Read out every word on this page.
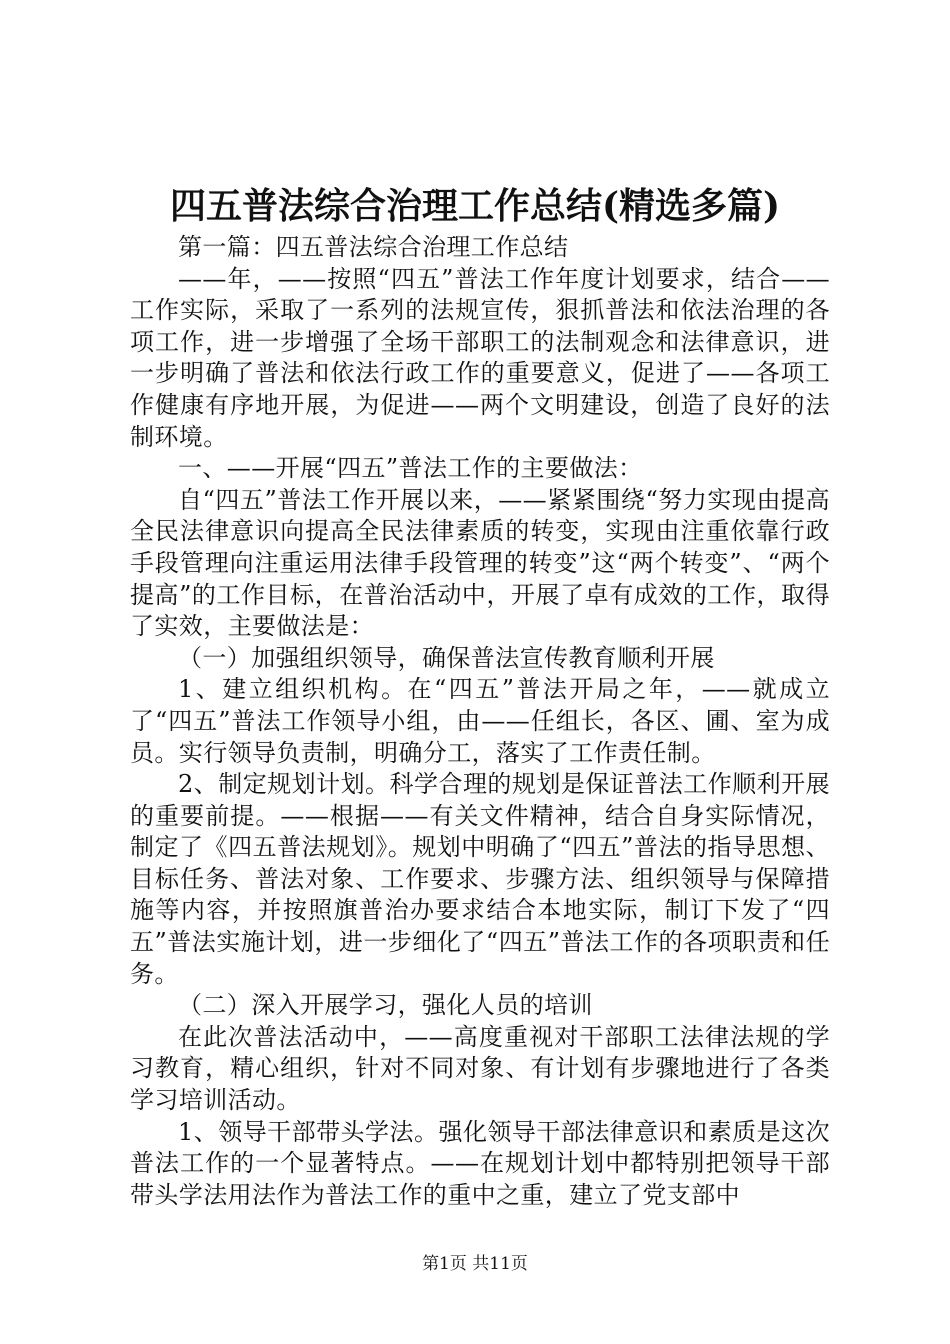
四五普法综合治理工作总结(精选多篇)

第一篇：四五普法综合治理工作总结

——年，——按照“四五”普法工作年度计划要求，结合——工作实际，采取了一系列的法规宣传，狠抓普法和依法治理的各项工作，进一步增强了全场干部职工的法制观念和法律意识，进一步明确了普法和依法行政工作的重要意义，促进了——各项工作健康有序地开展，为促进——两个文明建设，创造了良好的法制环境。

一、——开展“四五”普法工作的主要做法：

自“四五”普法工作开展以来，——紧紧围绕“努力实现由提高全民法律意识向提高全民法律素质的转变，实现由注重依靠行政手段管理向注重运用法律手段管理的转变”这“两个转变”、“两个提高”的工作目标，在普治活动中，开展了卓有成效的工作，取得了实效，主要做法是：

（一）加强组织领导，确保普法宣传教育顺利开展

1、建立组织机构。在“四五”普法开局之年，——就成立了“四五”普法工作领导小组，由——任组长，各区、圃、室为成员。实行领导负责制，明确分工，落实了工作责任制。

2、制定规划计划。科学合理的规划是保证普法工作顺利开展的重要前提。——根据——有关文件精神，结合自身实际情况，制定了《四五普法规划》。规划中明确了“四五”普法的指导思想、目标任务、普法对象、工作要求、步骤方法、组织领导与保障措施等内容，并按照旗普治办要求结合本地实际，制订下发了“四五”普法实施计划，进一步细化了“四五”普法工作的各项职责和任务。

（二）深入开展学习，强化人员的培训

在此次普法活动中，——高度重视对干部职工法律法规的学习教育，精心组织，针对不同对象、有计划有步骤地进行了各类学习培训活动。

1、领导干部带头学法。强化领导干部法律意识和素质是这次普法工作的一个显著特点。——在规划计划中都特别把领导干部带头学法用法作为普法工作的重中之重，建立了党支部中

第1页 共11页
